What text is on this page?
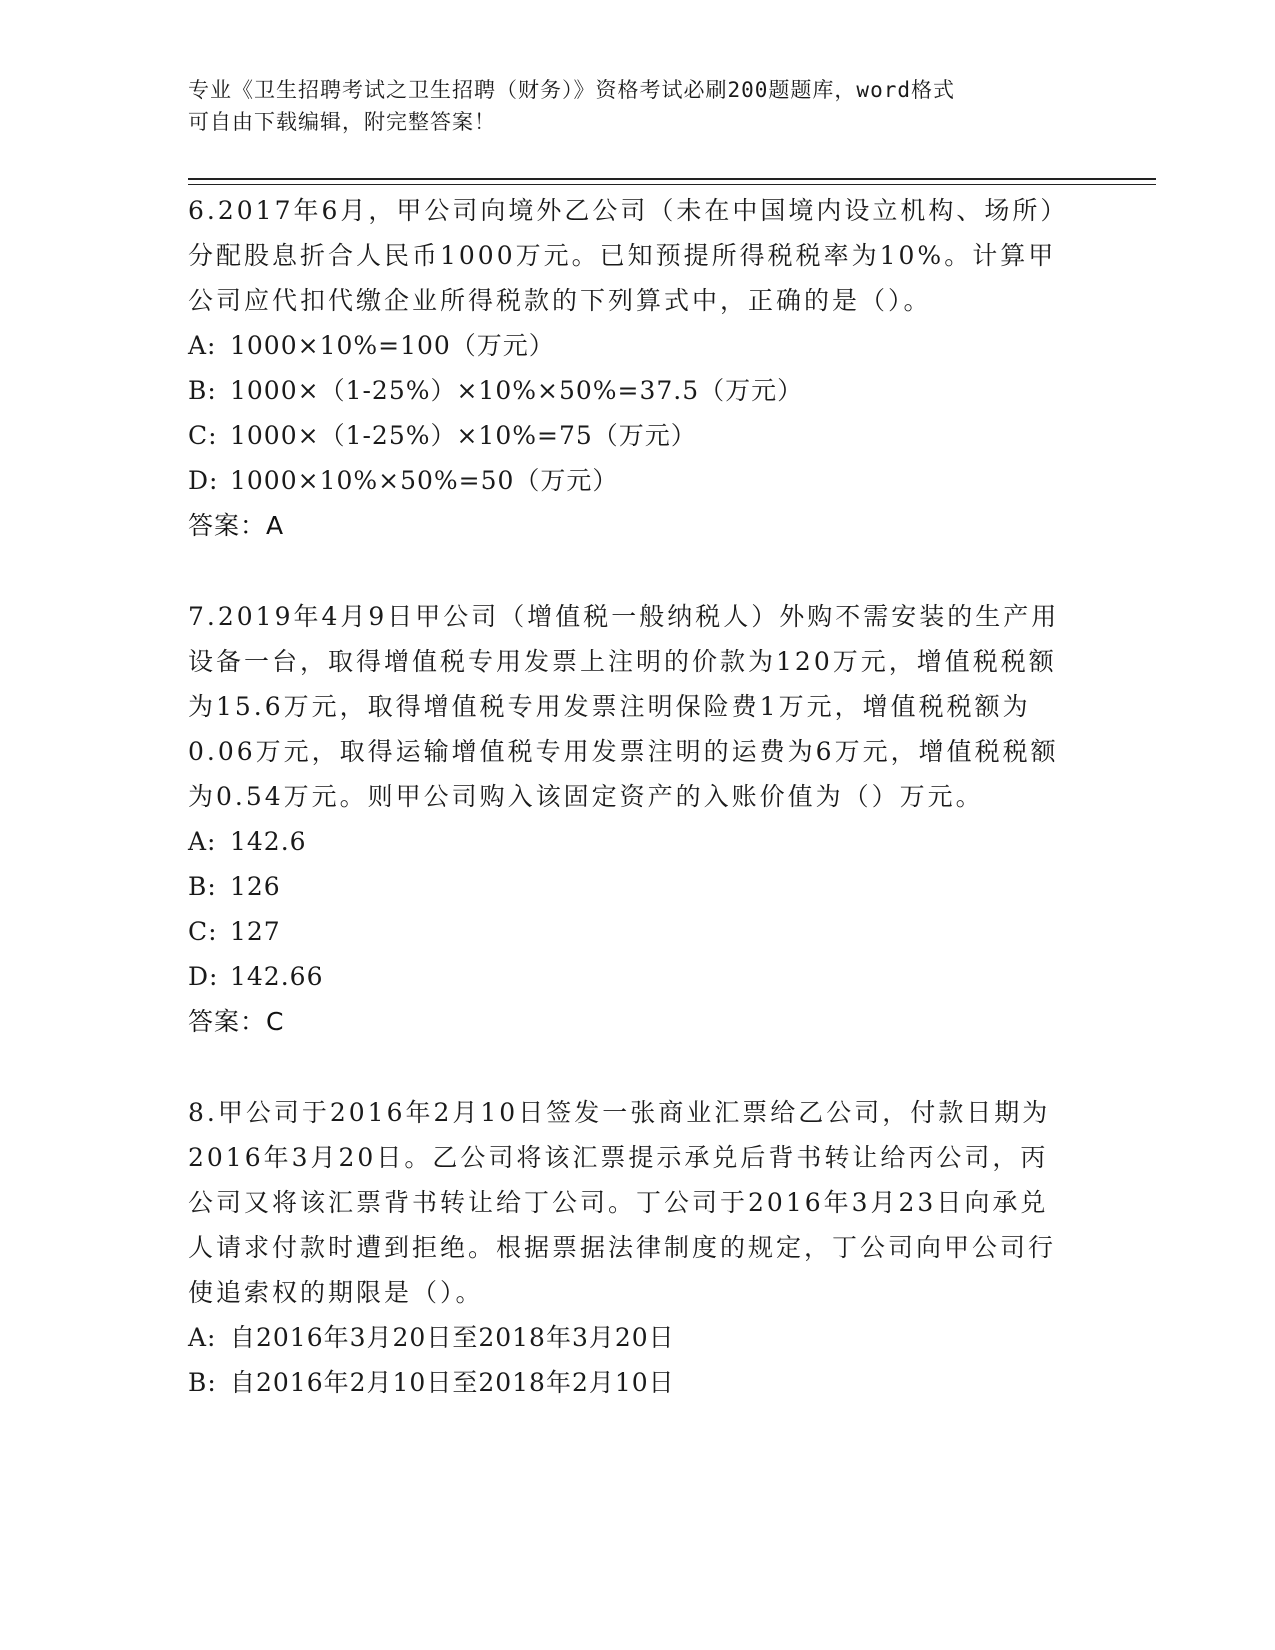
专业《卫生招聘考试之卫生招聘（财务）》资格考试必刷200题题库，word格式
可自由下载编辑，附完整答案！

6.2017年6月，甲公司向境外乙公司（未在中国境内设立机构、场所）分配股息折合人民币1000万元。已知预提所得税税率为10%。计算甲公司应代扣代缴企业所得税款的下列算式中，正确的是（）。

A: 1000×10%=100（万元）
B: 1000×（1-25%）×10%×50%=37.5（万元）
C: 1000×（1-25%）×10%=75（万元）
D: 1000×10%×50%=50（万元）
答案：A

7.2019年4月9日甲公司（增值税一般纳税人）外购不需安装的生产用设备一台，取得增值税专用发票上注明的价款为120万元，增值税税额为15.6万元，取得增值税专用发票注明保险费1万元，增值税税额为0.06万元，取得运输增值税专用发票注明的运费为6万元，增值税税额为0.54万元。则甲公司购入该固定资产的入账价值为（）万元。

A: 142.6
B: 126
C: 127
D: 142.66
答案：C

8.甲公司于2016年2月10日签发一张商业汇票给乙公司，付款日期为2016年3月20日。乙公司将该汇票提示承兑后背书转让给丙公司，丙公司又将该汇票背书转让给丁公司。丁公司于2016年3月23日向承兑人请求付款时遭到拒绝。根据票据法律制度的规定，丁公司向甲公司行使追索权的期限是（）。

A: 自2016年3月20日至2018年3月20日
B: 自2016年2月10日至2018年2月10日
